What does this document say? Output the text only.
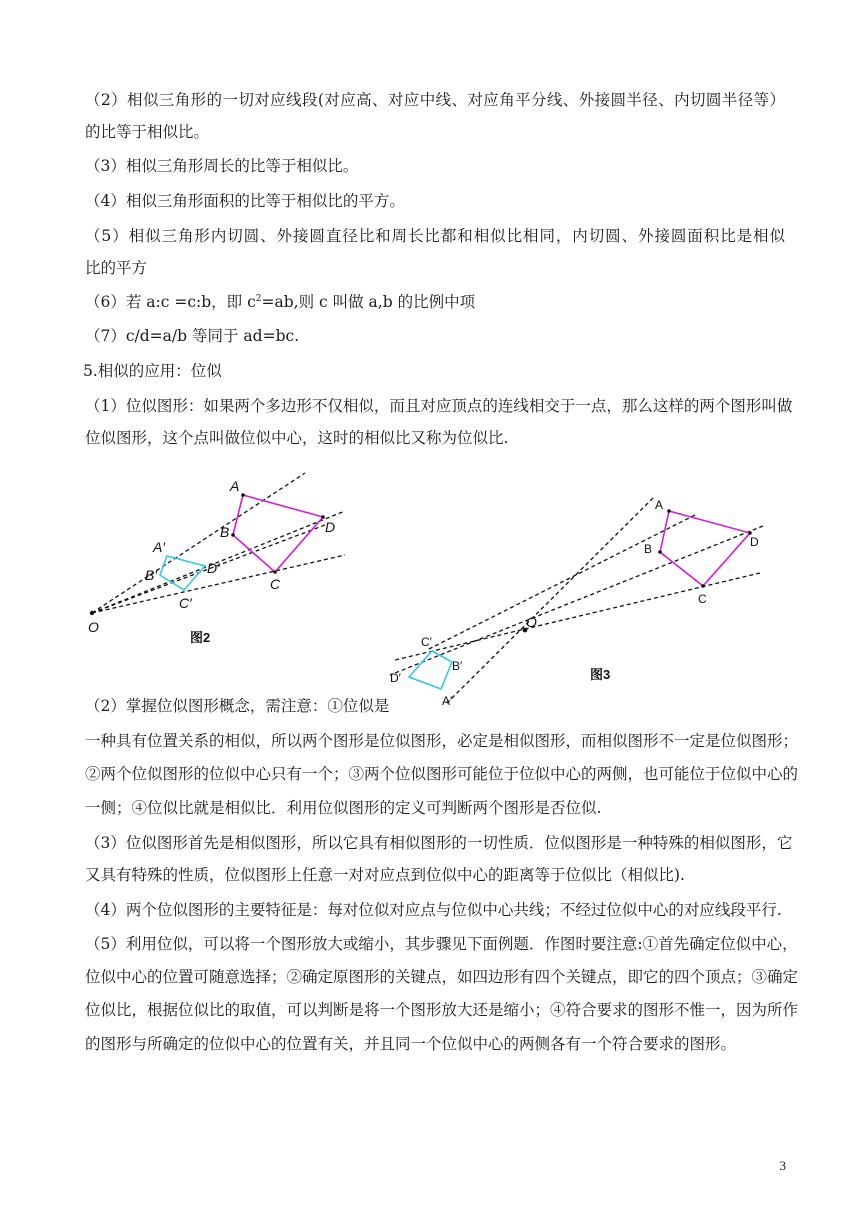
（2）相似三角形的一切对应线段(对应高、对应中线、对应角平分线、外接圆半径、内切圆半径等）
的比等于相似比。
（3）相似三角形周长的比等于相似比。
（4）相似三角形面积的比等于相似比的平方。
（5）相似三角形内切圆、外接圆直径比和周长比都和相似比相同，内切圆、外接圆面积比是相似
比的平方
（6）若 a:c =c:b，即 $c^2=ab$,则 c 叫做 a,b 的比例中项
（7）c/d=a/b 等同于 ad=bc.
5.相似的应用：位似
（1）位似图形：如果两个多边形不仅相似，而且对应顶点的连线相交于一点，那么这样的两个图形叫做
位似图形，这个点叫做位似中心，这时的相似比又称为位似比.
A
B
C
D
A′
B′
C′
D′
O
图2
A
B
C
D
O
C′
B′
D′
A′
图3
（2）掌握位似图形概念，需注意：①位似是
一种具有位置关系的相似，所以两个图形是位似图形，必定是相似图形，而相似图形不一定是位似图形；
②两个位似图形的位似中心只有一个；③两个位似图形可能位于位似中心的两侧，也可能位于位似中心的
一侧；④位似比就是相似比．利用位似图形的定义可判断两个图形是否位似.
（3）位似图形首先是相似图形，所以它具有相似图形的一切性质．位似图形是一种特殊的相似图形，它
又具有特殊的性质，位似图形上任意一对对应点到位似中心的距离等于位似比（相似比).
（4）两个位似图形的主要特征是：每对位似对应点与位似中心共线；不经过位似中心的对应线段平行.
（5）利用位似，可以将一个图形放大或缩小，其步骤见下面例题．作图时要注意:①首先确定位似中心，
位似中心的位置可随意选择；②确定原图形的关键点，如四边形有四个关键点，即它的四个顶点；③确定
位似比，根据位似比的取值，可以判断是将一个图形放大还是缩小；④符合要求的图形不惟一，因为所作
的图形与所确定的位似中心的位置有关，并且同一个位似中心的两侧各有一个符合要求的图形。
3
